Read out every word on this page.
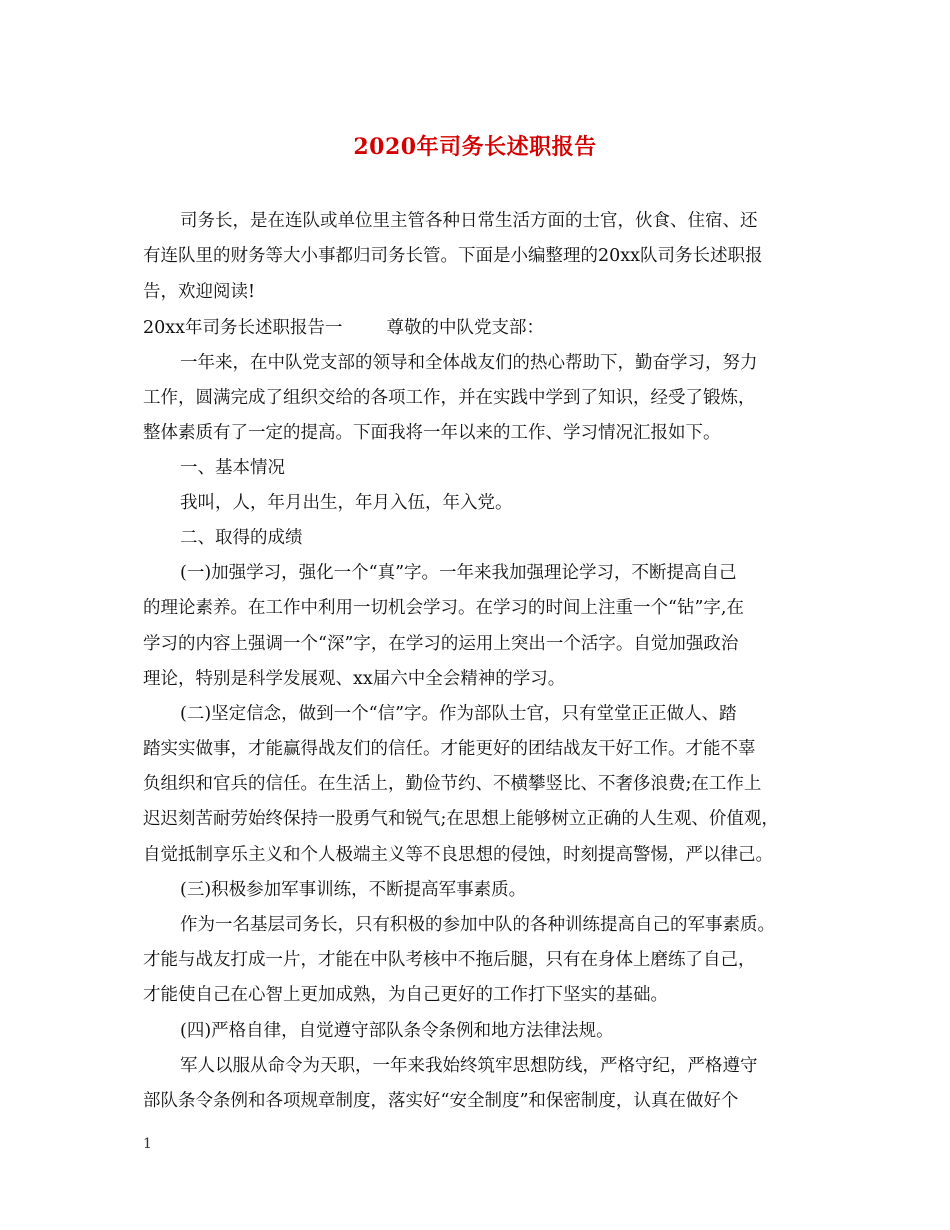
2020年司务长述职报告
司务长，是在连队或单位里主管各种日常生活方面的士官，伙食、住宿、还
有连队里的财务等大小事都归司务长管。下面是小编整理的20xx队司务长述职报
告，欢迎阅读!
20xx年司务长述职报告一	尊敬的中队党支部：
一年来，在中队党支部的领导和全体战友们的热心帮助下，勤奋学习，努力
工作，圆满完成了组织交给的各项工作，并在实践中学到了知识，经受了锻炼，
整体素质有了一定的提高。下面我将一年以来的工作、学习情况汇报如下。
一、基本情况
我叫，人，年月出生，年月入伍，年入党。
二、取得的成绩
(一)加强学习，强化一个“真”字。一年来我加强理论学习，不断提高自己
的理论素养。在工作中利用一切机会学习。在学习的时间上注重一个“钻”字,在
学习的内容上强调一个“深”字，在学习的运用上突出一个活字。自觉加强政治
理论，特别是科学发展观、xx届六中全会精神的学习。
(二)坚定信念，做到一个“信”字。作为部队士官，只有堂堂正正做人、踏
踏实实做事，才能赢得战友们的信任。才能更好的团结战友干好工作。才能不辜
负组织和官兵的信任。在生活上，勤俭节约、不横攀竖比、不奢侈浪费;在工作上
迟迟刻苦耐劳始终保持一股勇气和锐气;在思想上能够树立正确的人生观、价值观，
自觉抵制享乐主义和个人极端主义等不良思想的侵蚀，时刻提高警惕，严以律己。
(三)积极参加军事训练，不断提高军事素质。
作为一名基层司务长，只有积极的参加中队的各种训练提高自己的军事素质。
才能与战友打成一片，才能在中队考核中不拖后腿，只有在身体上磨练了自己，
才能使自己在心智上更加成熟，为自己更好的工作打下坚实的基础。
(四)严格自律，自觉遵守部队条令条例和地方法律法规。
军人以服从命令为天职，一年来我始终筑牢思想防线，严格守纪，严格遵守
部队条令条例和各项规章制度，落实好“安全制度”和保密制度，认真在做好个
1
